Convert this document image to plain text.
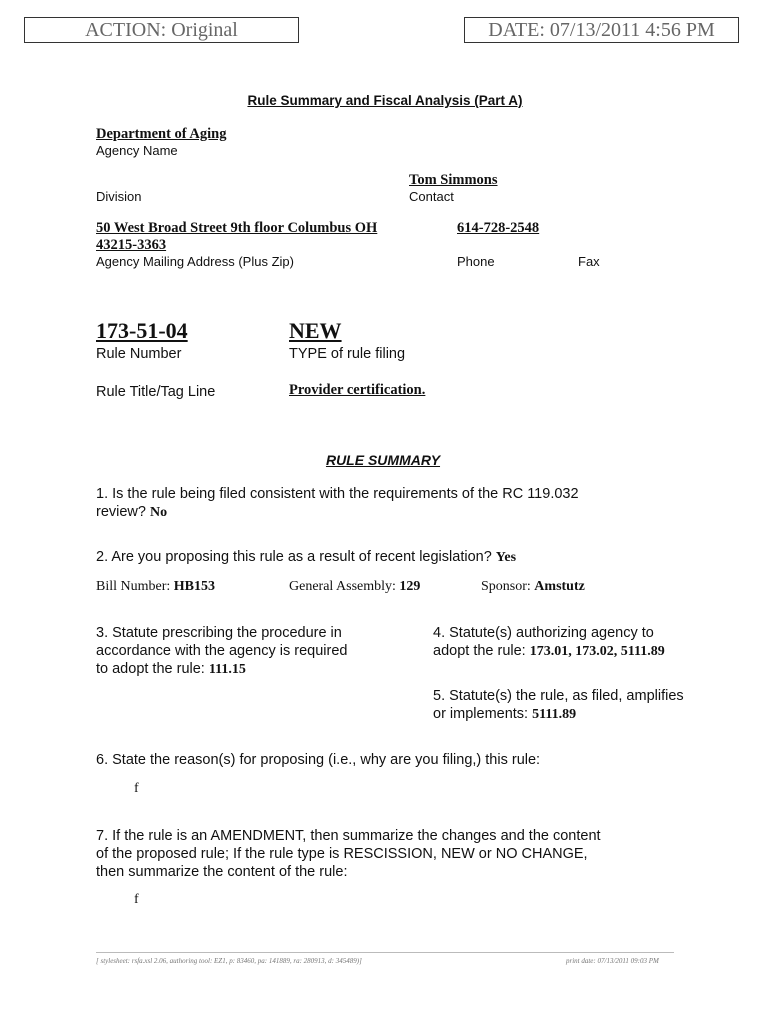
ACTION: Original	DATE: 07/13/2011 4:56 PM
Rule Summary and Fiscal Analysis (Part A)
Department of Aging
Agency Name
Tom Simmons
Division	Contact
50 West Broad Street 9th floor Columbus OH
43215-3363
614-728-2548
Agency Mailing Address (Plus Zip)	Phone	Fax
173-51-04	NEW
Rule Number	TYPE of rule filing
Rule Title/Tag Line	Provider certification.
RULE SUMMARY
1. Is the rule being filed consistent with the requirements of the RC 119.032
review? No
2. Are you proposing this rule as a result of recent legislation? Yes
Bill Number: HB153	General Assembly: 129	Sponsor: Amstutz
3. Statute prescribing the procedure in
accordance with the agency is required
to adopt the rule: 111.15
4. Statute(s) authorizing agency to
adopt the rule: 173.01, 173.02, 5111.89
5. Statute(s) the rule, as filed, amplifies
or implements: 5111.89
6. State the reason(s) for proposing (i.e., why are you filing,) this rule:
f
7. If the rule is an AMENDMENT, then summarize the changes and the content
of the proposed rule; If the rule type is RESCISSION, NEW or NO CHANGE,
then summarize the content of the rule:
f
[ stylesheet: rsfa.xsl 2.06, authoring tool: EZ1, p: 83460, pa: 141889, ra: 280913, d: 345489)]	print date: 07/13/2011 09:03 PM
